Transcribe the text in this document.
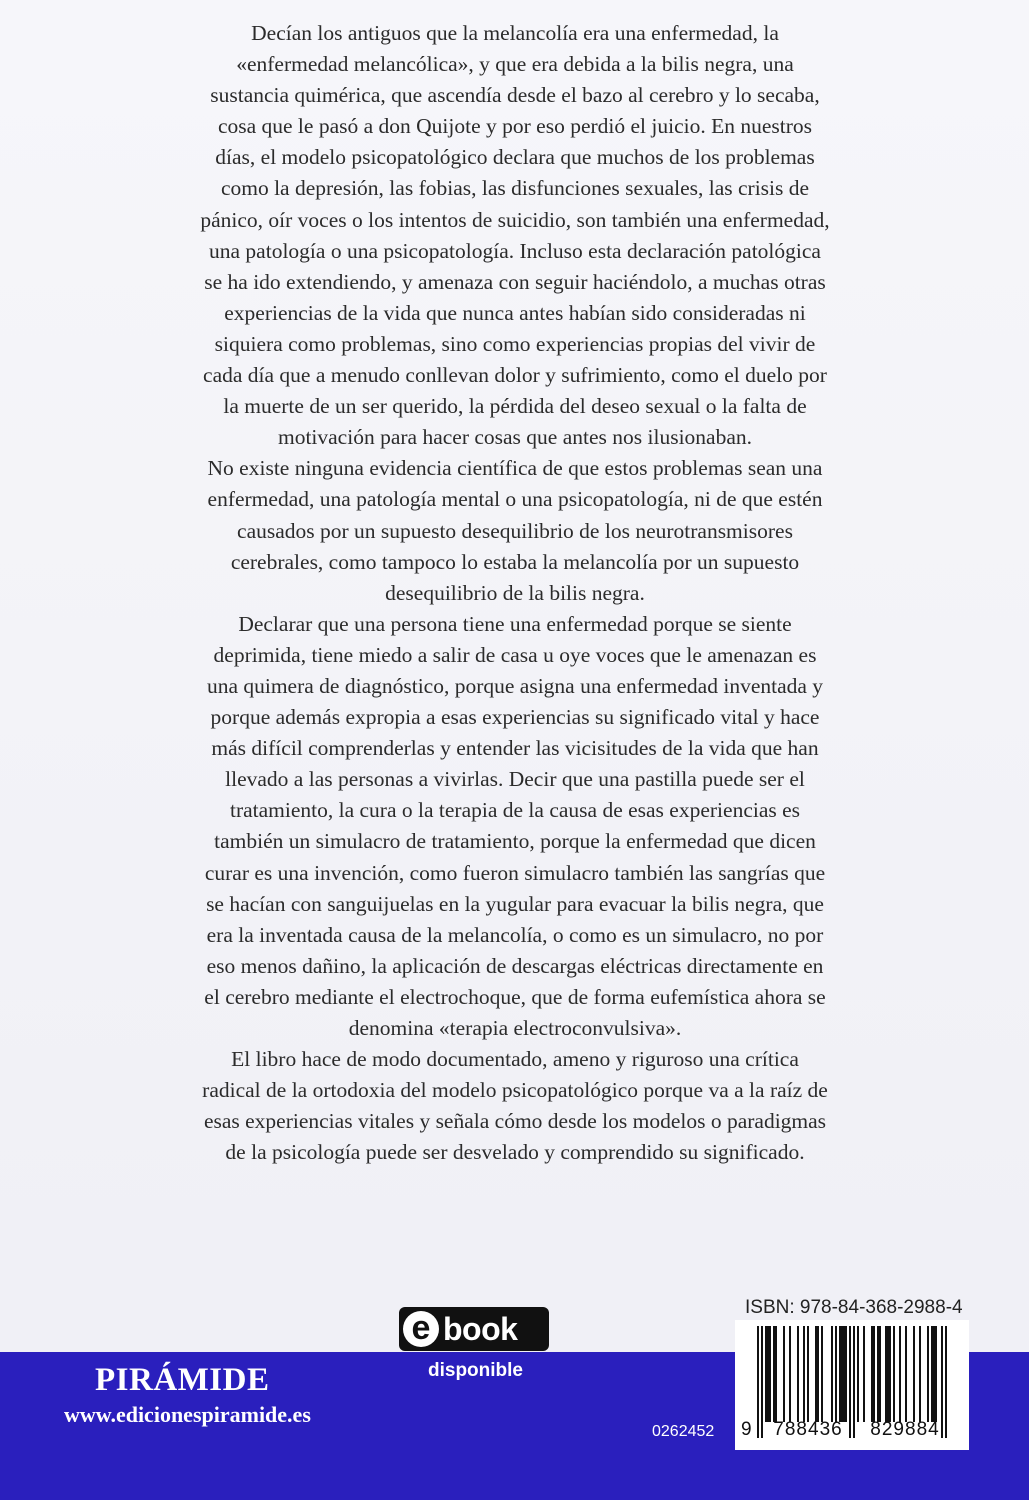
Decían los antiguos que la melancolía era una enfermedad, la
«enfermedad melancólica», y que era debida a la bilis negra, una
sustancia quimérica, que ascendía desde el bazo al cerebro y lo secaba,
cosa que le pasó a don Quijote y por eso perdió el juicio. En nuestros
días, el modelo psicopatológico declara que muchos de los problemas
como la depresión, las fobias, las disfunciones sexuales, las crisis de
pánico, oír voces o los intentos de suicidio, son también una enfermedad,
una patología o una psicopatología. Incluso esta declaración patológica
se ha ido extendiendo, y amenaza con seguir haciéndolo, a muchas otras
experiencias de la vida que nunca antes habían sido consideradas ni
siquiera como problemas, sino como experiencias propias del vivir de
cada día que a menudo conllevan dolor y sufrimiento, como el duelo por
la muerte de un ser querido, la pérdida del deseo sexual o la falta de
motivación para hacer cosas que antes nos ilusionaban.

No existe ninguna evidencia científica de que estos problemas sean una
enfermedad, una patología mental o una psicopatología, ni de que estén
causados por un supuesto desequilibrio de los neurotransmisores
cerebrales, como tampoco lo estaba la melancolía por un supuesto
desequilibrio de la bilis negra.

Declarar que una persona tiene una enfermedad porque se siente
deprimida, tiene miedo a salir de casa u oye voces que le amenazan es
una quimera de diagnóstico, porque asigna una enfermedad inventada y
porque además expropia a esas experiencias su significado vital y hace
más difícil comprenderlas y entender las vicisitudes de la vida que han
llevado a las personas a vivirlas. Decir que una pastilla puede ser el
tratamiento, la cura o la terapia de la causa de esas experiencias es
también un simulacro de tratamiento, porque la enfermedad que dicen
curar es una invención, como fueron simulacro también las sangrías que
se hacían con sanguijuelas en la yugular para evacuar la bilis negra, que
era la inventada causa de la melancolía, o como es un simulacro, no por
eso menos dañino, la aplicación de descargas eléctricas directamente en
el cerebro mediante el electrochoque, que de forma eufemística ahora se
denomina «terapia electroconvulsiva».

El libro hace de modo documentado, ameno y riguroso una crítica
radical de la ortodoxia del modelo psicopatológico porque va a la raíz de
esas experiencias vitales y señala cómo desde los modelos o paradigmas
de la psicología puede ser desvelado y comprendido su significado.

PIRÁMIDE
www.edicionespiramide.es
e book
disponible
0262452
ISBN: 978-84-368-2988-4
9	788436	829884
